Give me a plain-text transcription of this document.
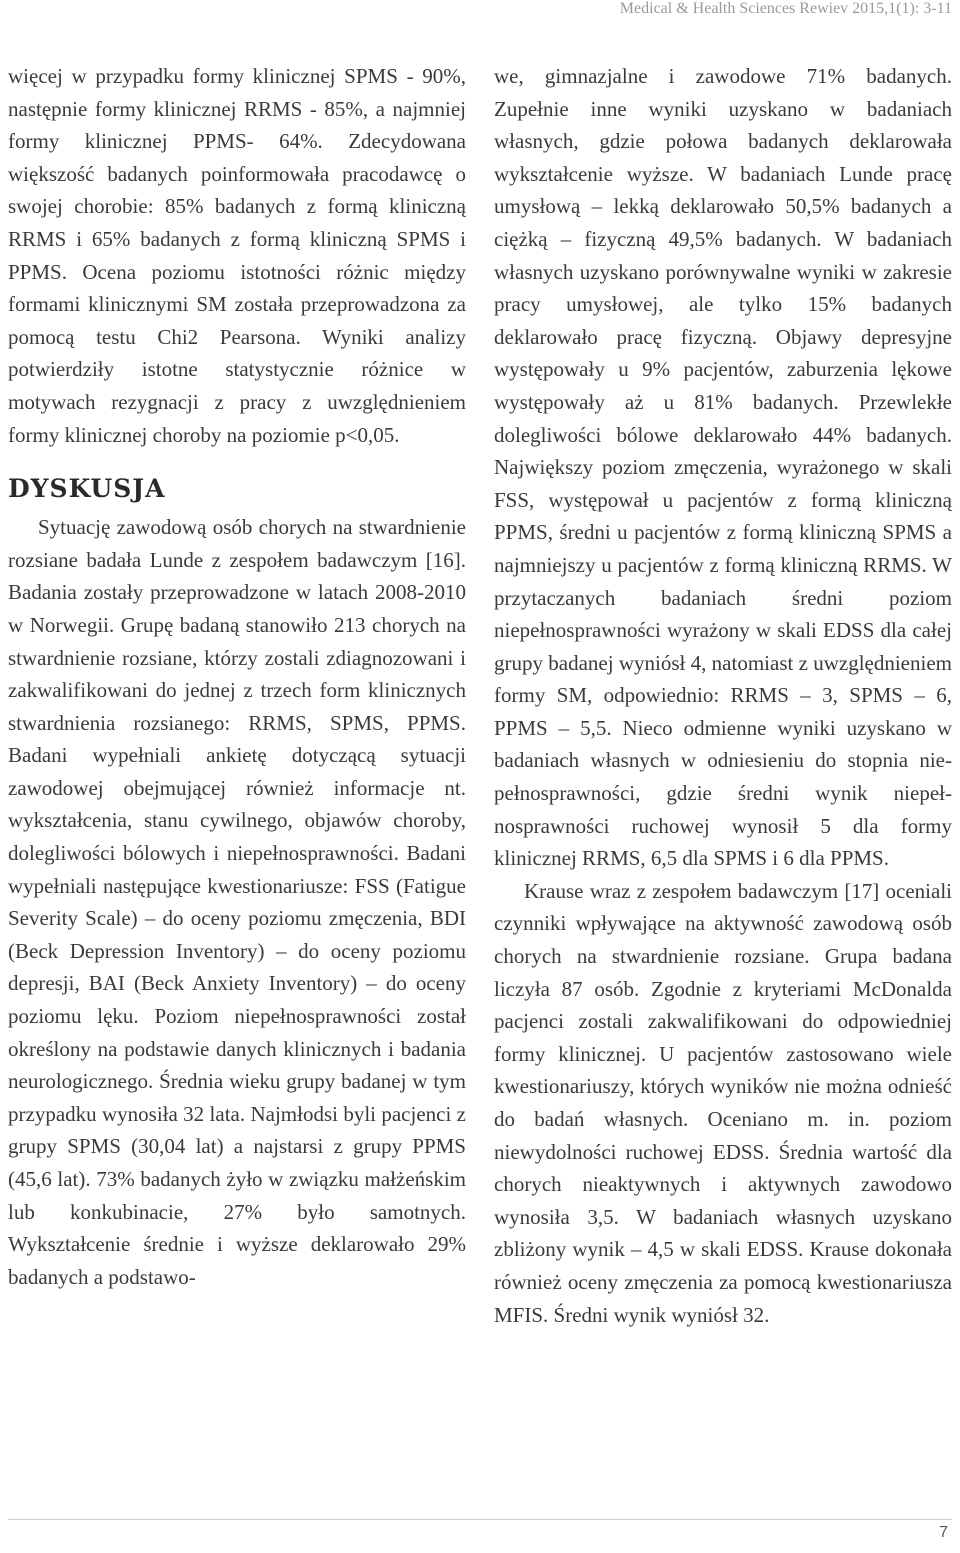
Medical & Health Sciences Rewiev 2015,1(1): 3-11

więcej w przypadku formy klinicznej SPMS - 90%, następnie formy klinicznej RRMS - 85%, a najmniej formy klinicznej PPMS- 64%. Zdecydowana większość badanych poinformowała pracodawcę o swojej chorobie: 85% badanych z formą kliniczną RRMS i 65% badanych z formą kliniczną SPMS i PPMS. Ocena poziomu istotności różnic między formami klinicznymi SM została przeprowadzona za pomocą testu Chi2 Pearsona. Wyniki analizy potwierdziły istotne statystycznie różnice w motywach rezygnacji z pracy z uwzględnieniem formy klinicznej choroby na poziomie p<0,05.

DYSKUSJA

Sytuację zawodową osób chorych na stwardnienie rozsiane badała Lunde z zespołem badawczym [16]. Badania zostały przeprowadzone w latach 2008-2010 w Norwegii. Grupę badaną stanowiło 213 chorych na stwardnienie rozsiane, którzy zostali zdiagnozowani i zakwalifikowani do jednej z trzech form klinicznych stwardnienia rozsianego: RRMS, SPMS, PPMS. Badani wypełniali ankietę dotyczącą sytuacji zawodowej obejmującej również informacje nt. wykształcenia, stanu cywilnego, objawów choroby, dolegliwości bólowych i niepełnosprawności. Badani wypełniali następujące kwestionariusze: FSS (Fatigue Severity Scale) – do oceny poziomu zmęczenia, BDI (Beck Depression Inventory) – do oceny poziomu depresji, BAI (Beck Anxiety Inventory) – do oceny poziomu lęku. Poziom niepełnosprawności został określony na podstawie danych klinicznych i badania neurologicznego. Średnia wieku grupy badanej w tym przypadku wynosiła 32 lata. Najmłodsi byli pacjenci z grupy SPMS (30,04 lat) a najstarsi z grupy PPMS (45,6 lat). 73% badanych żyło w związku małżeńskim lub konkubinacie, 27% było samotnych. Wykształcenie średnie i wyższe deklarowało 29% badanych a podstawo-

we, gimnazjalne i zawodowe 71% badanych. Zupełnie inne wyniki uzyskano w badaniach własnych, gdzie połowa badanych deklarowała wykształcenie wyższe. W badaniach Lunde pracę umysłową – lekką deklarowało 50,5% badanych a ciężką – fizyczną 49,5% badanych. W badaniach własnych uzyskano porównywalne wyniki w zakresie pracy umysłowej, ale tylko 15% badanych deklarowało pracę fizyczną. Objawy depresyjne występowały u 9% pacjentów, zaburzenia lękowe występowały aż u 81% badanych. Przewlekłe dolegliwości bólowe deklarowało 44% badanych. Największy poziom zmęczenia, wyrażonego w skali FSS, występował u pacjentów z formą kliniczną PPMS, średni u pacjentów z formą kliniczną SPMS a najmniejszy u pacjentów z formą kliniczną RRMS. W przytaczanych badaniach średni poziom niepełnosprawności wyrażony w skali EDSS dla całej grupy badanej wyniósł 4, natomiast z uwzględnieniem formy SM, odpowiednio: RRMS – 3, SPMS – 6, PPMS – 5,5. Nieco odmienne wyniki uzyskano w badaniach własnych w odniesieniu do stopnia niepełnosprawności, gdzie średni wynik niepełnosprawności ruchowej wynosił 5 dla formy klinicznej RRMS, 6,5 dla SPMS i 6 dla PPMS.

Krause wraz z zespołem badawczym [17] oceniali czynniki wpływające na aktywność zawodową osób chorych na stwardnienie rozsiane. Grupa badana liczyła 87 osób. Zgodnie z kryteriami McDonalda pacjenci zostali zakwalifikowani do odpowiedniej formy klinicznej. U pacjentów zastosowano wiele kwestionariuszy, których wyników nie można odnieść do badań własnych. Oceniano m. in. poziom niewydolności ruchowej EDSS. Średnia wartość dla chorych nieaktywnych i aktywnych zawodowo wynosiła 3,5. W badaniach własnych uzyskano zbliżony wynik – 4,5 w skali EDSS. Krause dokonała również oceny zmęczenia za pomocą kwestionariusza MFIS. Średni wynik wyniósł 32.

7
